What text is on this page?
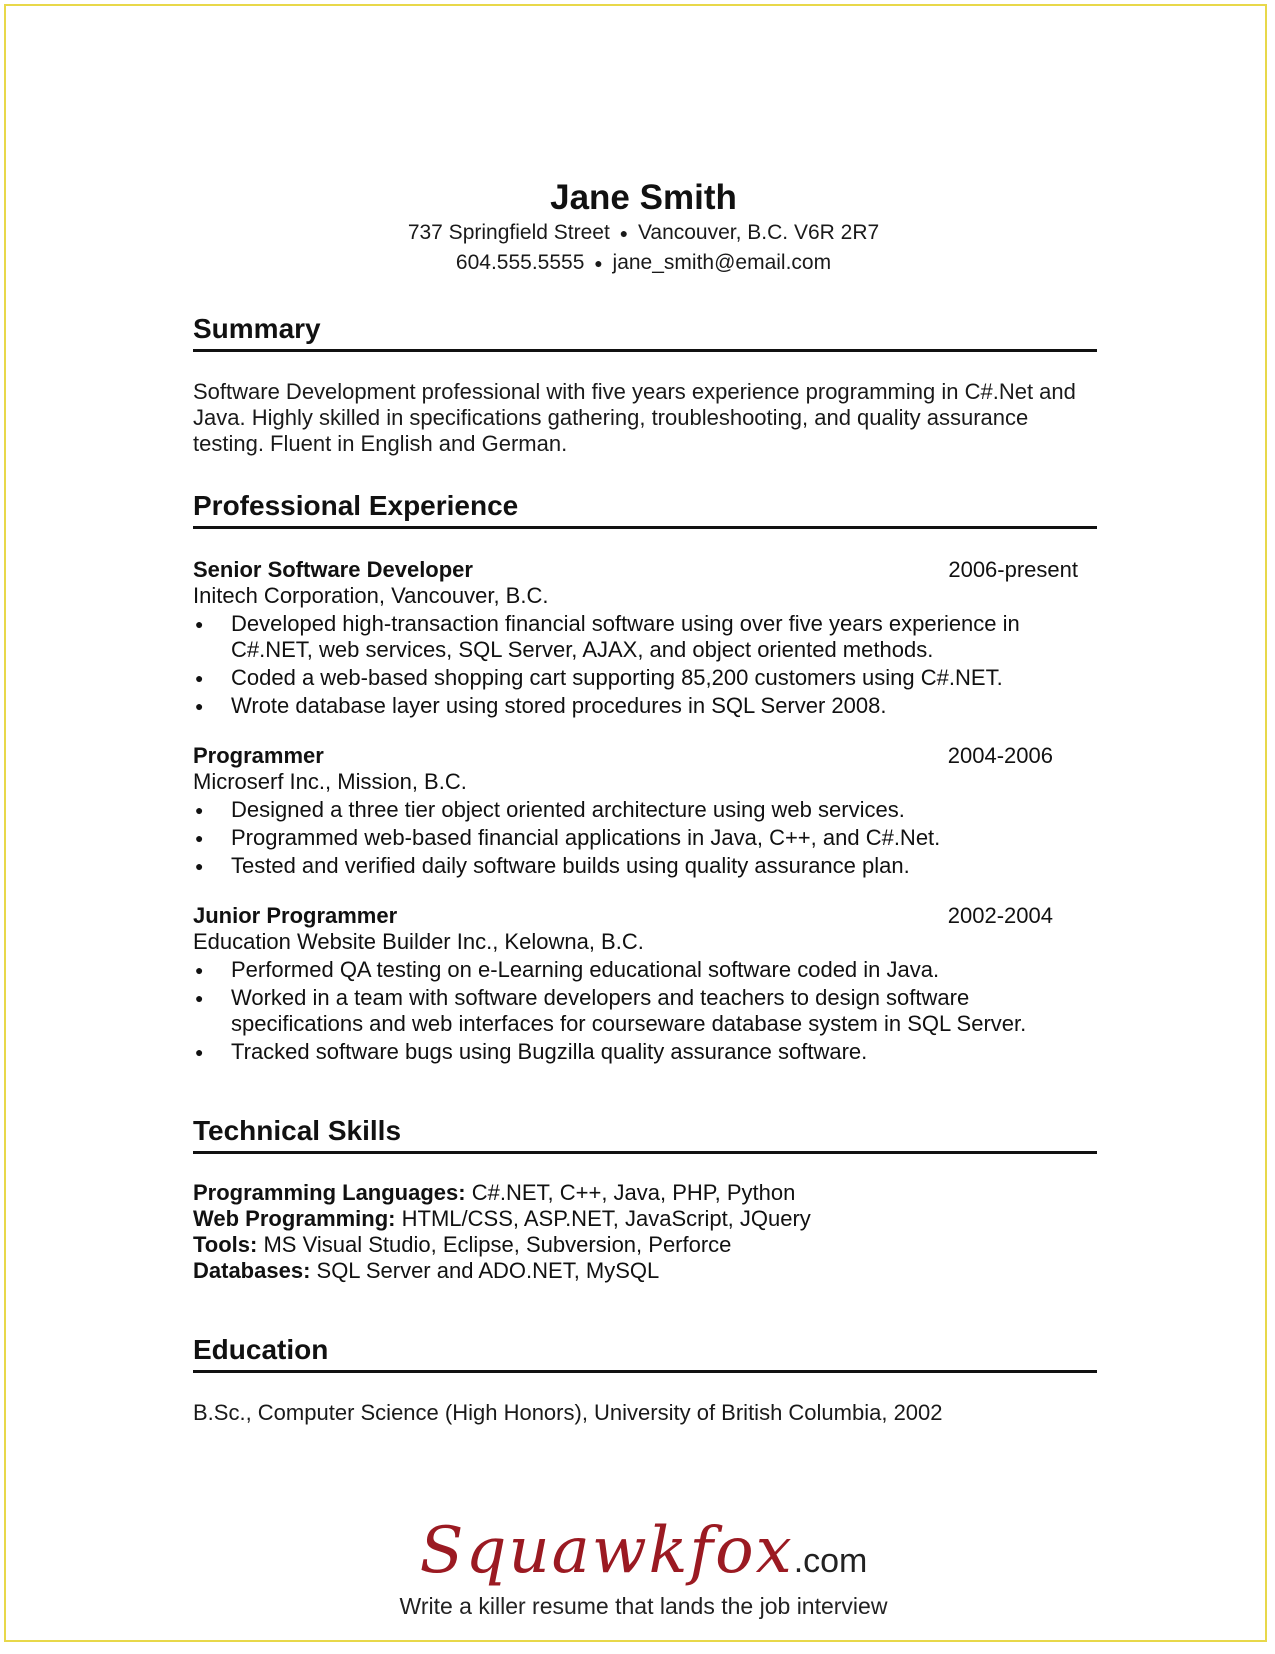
Jane Smith
737 Springfield Street ● Vancouver, B.C. V6R 2R7
604.555.5555 ● jane_smith@email.com
Summary
Software Development professional with five years experience programming in C#.Net and Java. Highly skilled in specifications gathering, troubleshooting, and quality assurance testing. Fluent in English and German.
Professional Experience
Senior Software Developer	2006-present
Initech Corporation, Vancouver, B.C.
● Developed high-transaction financial software using over five years experience in C#.NET, web services, SQL Server, AJAX, and object oriented methods.
● Coded a web-based shopping cart supporting 85,200 customers using C#.NET.
● Wrote database layer using stored procedures in SQL Server 2008.
Programmer	2004-2006
Microserf Inc., Mission, B.C.
● Designed a three tier object oriented architecture using web services.
● Programmed web-based financial applications in Java, C++, and C#.Net.
● Tested and verified daily software builds using quality assurance plan.
Junior Programmer	2002-2004
Education Website Builder Inc., Kelowna, B.C.
● Performed QA testing on e-Learning educational software coded in Java.
● Worked in a team with software developers and teachers to design software specifications and web interfaces for courseware database system in SQL Server.
● Tracked software bugs using Bugzilla quality assurance software.
Technical Skills
Programming Languages: C#.NET, C++, Java, PHP, Python
Web Programming: HTML/CSS, ASP.NET, JavaScript, JQuery
Tools: MS Visual Studio, Eclipse, Subversion, Perforce
Databases: SQL Server and ADO.NET, MySQL
Education
B.Sc., Computer Science (High Honors), University of British Columbia, 2002
Squawkfox.com
Write a killer resume that lands the job interview
